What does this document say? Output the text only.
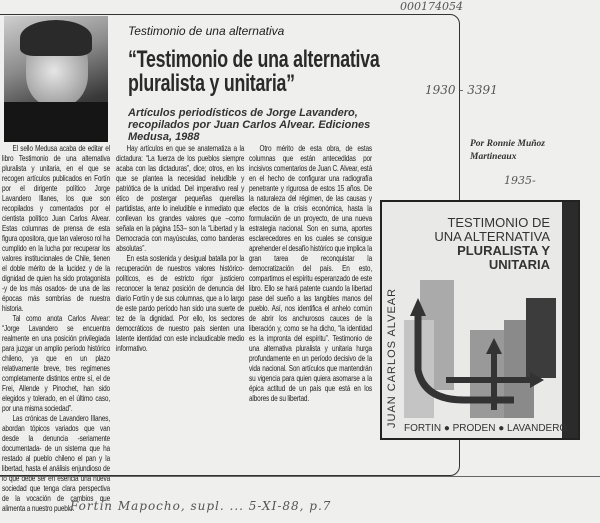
000174054
Testimonio de una alternativa
“Testimonio de una alternativa pluralista y unitaria”	1930 - 3391
Artículos periodísticos de Jorge Lavandero, recopilados por Juan Carlos Alvear. Ediciones Medusa, 1988
Por Ronnie Muñoz Martineaux
1935-

El sello Medusa acaba de editar el libro Testimonio de una alternativa pluralista y unitaria, en el que se recogen artículos publicados en Fortín por el dirigente político Jorge Lavandero Illanes, los que son recopilados y comentados por el cientista político Juan Carlos Alvear. Estas columnas de prensa de esta figura opositora, que tan valeroso rol ha cumplido en la lucha por recuperar los valores institucionales de Chile, tienen el doble mérito de la lucidez y de la dignidad de quien ha sido protagonista -y de los más osados- de una de las épocas más sombrías de nuestra historia.

Tal como anota Carlos Alvear: “Jorge Lavandero se encuentra realmente en una posición privilegiada para juzgar un amplio período histórico chileno, ya que en un plazo relativamente breve, tres regímenes completamente distintos entre sí, el de Frei, Allende y Pinochet, han sido elegidos y tolerado, en el último caso, por una misma sociedad”.

Las crónicas de Lavandero Illanes, abordan tópicos variados que van desde la denuncia -seriamente documentada- de un sistema que ha restado al pueblo chileno el pan y la libertad, hasta el análisis enjundioso de lo que debe ser en esencia una nueva sociedad que tenga clara perspectiva de la vocación de cambios que alimenta a nuestro pueblo.

Hay artículos en que se anatematiza a la dictadura: “La fuerza de los pueblos siempre acaba con las dictaduras”, dice; otros, en los que se plantea la necesidad ineludible y patriótica de la unidad. Del imperativo real y ético de postergar pequeñas querellas partidistas, ante lo ineludible e inmediato que conllevan los grandes valores que –como señala en la página 153– son la “Libertad y la Democracia con mayúsculas, como banderas absolutas”.

En esta sostenida y desigual batalla por la recuperación de nuestros valores histórico-políticos, es de estricto rigor justiciero reconocer la tenaz posición de denuncia del diario Fortín y de sus columnas, que a lo largo de este pardo período han sido una suerte de tez de la dignidad. Por ello, los sectores democráticos de nuestro país sienten una latente identidad con este inclaudicable medio informativo.

Otro mérito de esta obra, de estas columnas que están antecedidas por incisivos comentarios de Juan C. Alvear, está en el hecho de configurar una radiografía penetrante y rigurosa de estos 15 años. De la naturaleza del régimen, de las causas y efectos de la crisis económica, hasta la formulación de un proyecto, de una nueva estrategia nacional. Son en suma, aportes esclarecedores en los cuales se consigue aprehender el desafío histórico que implica la gran tarea de reconquistar la democratización del país. En esto, compartimos el espíritu esperanzado de este libro. Ello se hará patente cuando la libertad pase del sueño a las tangibles manos del pueblo. Así, nos identifica el anhelo común de abrir los anchurosos cauces de la liberación y, como se ha dicho, “la identidad es la impronta del espíritu”. Testimonio de una alternativa pluralista y unitaria hurga profundamente en un período decisivo de la vida nacional. Son artículos que mantendrán su vigencia para quien quiera asomarse a la épica actitud de un país que está en los albores de su libertad.

TESTIMONIO DE
UNA ALTERNATIVA
PLURALISTA Y
UNITARIA
JUAN CARLOS ALVEAR
FORTIN ● PRODEN ● LAVANDERO
Fortín Mapocho, supl. ... 5-XI-88, p.7
